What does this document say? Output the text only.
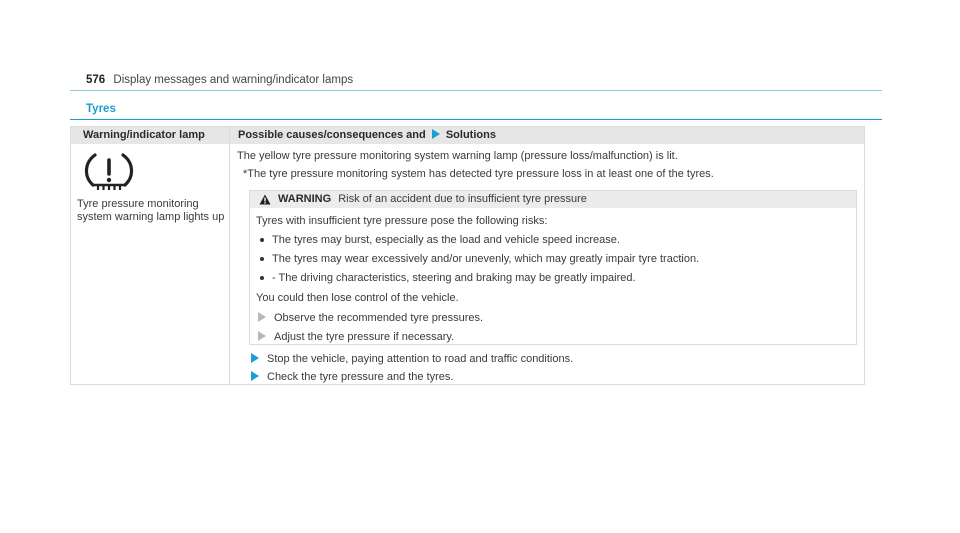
576 Display messages and warning/indicator lamps
Tyres
Warning/indicator lamp	Possible causes/consequences and Solutions
Tyre pressure monitoring system warning lamp lights up
The yellow tyre pressure monitoring system warning lamp (pressure loss/malfunction) is lit.
*The tyre pressure monitoring system has detected tyre pressure loss in at least one of the tyres.
WARNING Risk of an accident due to insufficient tyre pressure
Tyres with insufficient tyre pressure pose the following risks:
The tyres may burst, especially as the load and vehicle speed increase.
The tyres may wear excessively and/or unevenly, which may greatly impair tyre traction.
- The driving characteristics, steering and braking may be greatly impaired.
You could then lose control of the vehicle.
Observe the recommended tyre pressures.
Adjust the tyre pressure if necessary.
Stop the vehicle, paying attention to road and traffic conditions.
Check the tyre pressure and the tyres.
